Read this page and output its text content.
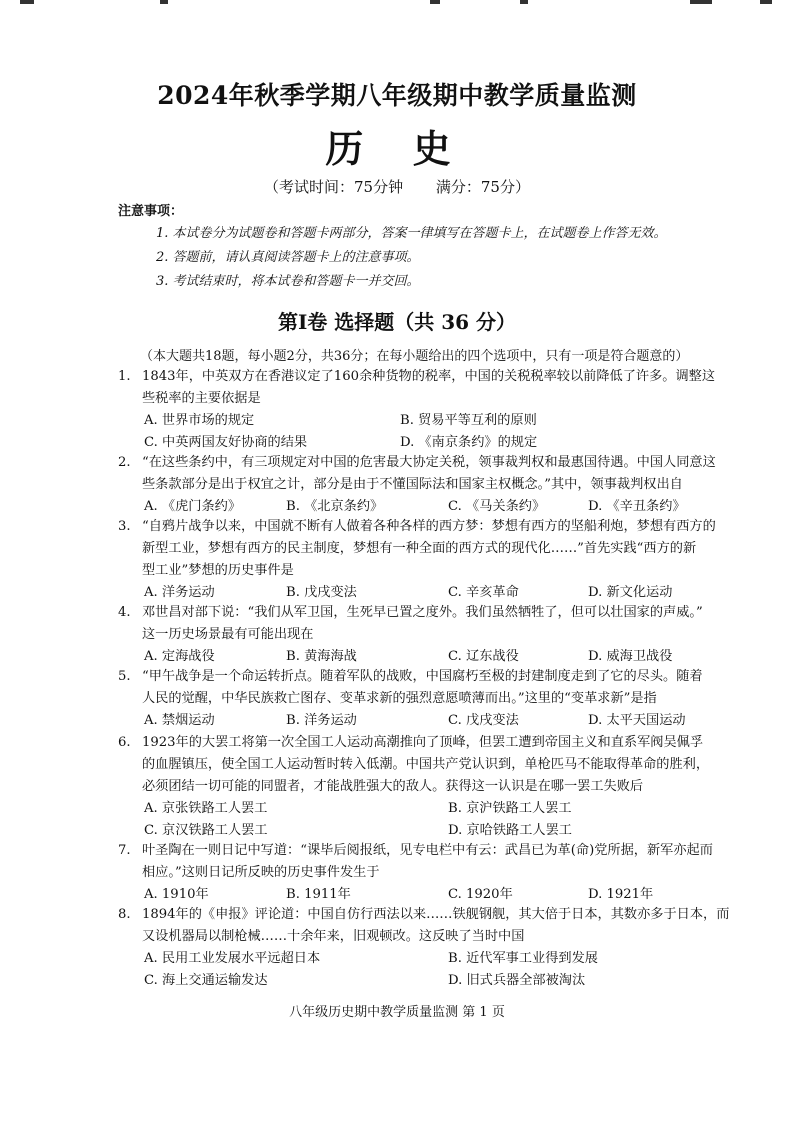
2024年秋季学期八年级期中教学质量监测
历 史
（考试时间：75分钟 满分：75分）
注意事项：
1. 本试卷分为试题卷和答题卡两部分，答案一律填写在答题卡上，在试题卷上作答无效。
2. 答题前，请认真阅读答题卡上的注意事项。
3. 考试结束时，将本试卷和答题卡一并交回。
第Ⅰ卷 选择题（共 36 分）
（本大题共18题，每小题2分，共36分；在每小题给出的四个选项中，只有一项是符合题意的）
1. 1843年，中英双方在香港议定了160余种货物的税率，中国的关税税率较以前降低了许多。调整这
些税率的主要依据是
A. 世界市场的规定	B. 贸易平等互利的原则
C. 中英两国友好协商的结果	D. 《南京条约》的规定
2. “在这些条约中，有三项规定对中国的危害最大协定关税，领事裁判权和最惠国待遇。中国人同意这
些条款部分是出于权宜之计，部分是由于不懂国际法和国家主权概念。”其中，领事裁判权出自
A. 《虎门条约》	B. 《北京条约》	C. 《马关条约》	D. 《辛丑条约》
3. “自鸦片战争以来，中国就不断有人做着各种各样的西方梦：梦想有西方的坚船利炮，梦想有西方的
新型工业，梦想有西方的民主制度，梦想有一种全面的西方式的现代化……”首先实践“西方的新
型工业”梦想的历史事件是
A. 洋务运动	B. 戊戌变法	C. 辛亥革命	D. 新文化运动
4. 邓世昌对部下说：“我们从军卫国，生死早已置之度外。我们虽然牺牲了，但可以壮国家的声威。”
这一历史场景最有可能出现在
A. 定海战役	B. 黄海海战	C. 辽东战役	D. 威海卫战役
5. “甲午战争是一个命运转折点。随着军队的战败，中国腐朽至极的封建制度走到了它的尽头。随着
人民的觉醒，中华民族救亡图存、变革求新的强烈意愿喷薄而出。”这里的“变革求新”是指
A. 禁烟运动	B. 洋务运动	C. 戊戌变法	D. 太平天国运动
6. 1923年的大罢工将第一次全国工人运动高潮推向了顶峰，但罢工遭到帝国主义和直系军阀吴佩孚
的血腥镇压，使全国工人运动暂时转入低潮。中国共产党认识到，单枪匹马不能取得革命的胜利，
必须团结一切可能的同盟者，才能战胜强大的敌人。获得这一认识是在哪一罢工失败后
A. 京张铁路工人罢工	B. 京沪铁路工人罢工
C. 京汉铁路工人罢工	D. 京哈铁路工人罢工
7. 叶圣陶在一则日记中写道：“课毕后阅报纸，见专电栏中有云：武昌已为革(命)党所据，新军亦起而
相应。”这则日记所反映的历史事件发生于
A. 1910年	B. 1911年	C. 1920年	D. 1921年
8. 1894年的《申报》评论道：中国自仿行西法以来……铁舰钢舰，其大倍于日本，其数亦多于日本，而
又设机器局以制枪械……十余年来，旧观顿改。这反映了当时中国
A. 民用工业发展水平远超日本	B. 近代军事工业得到发展
C. 海上交通运输发达	D. 旧式兵器全部被淘汰
八年级历史期中教学质量监测 第 1 页
